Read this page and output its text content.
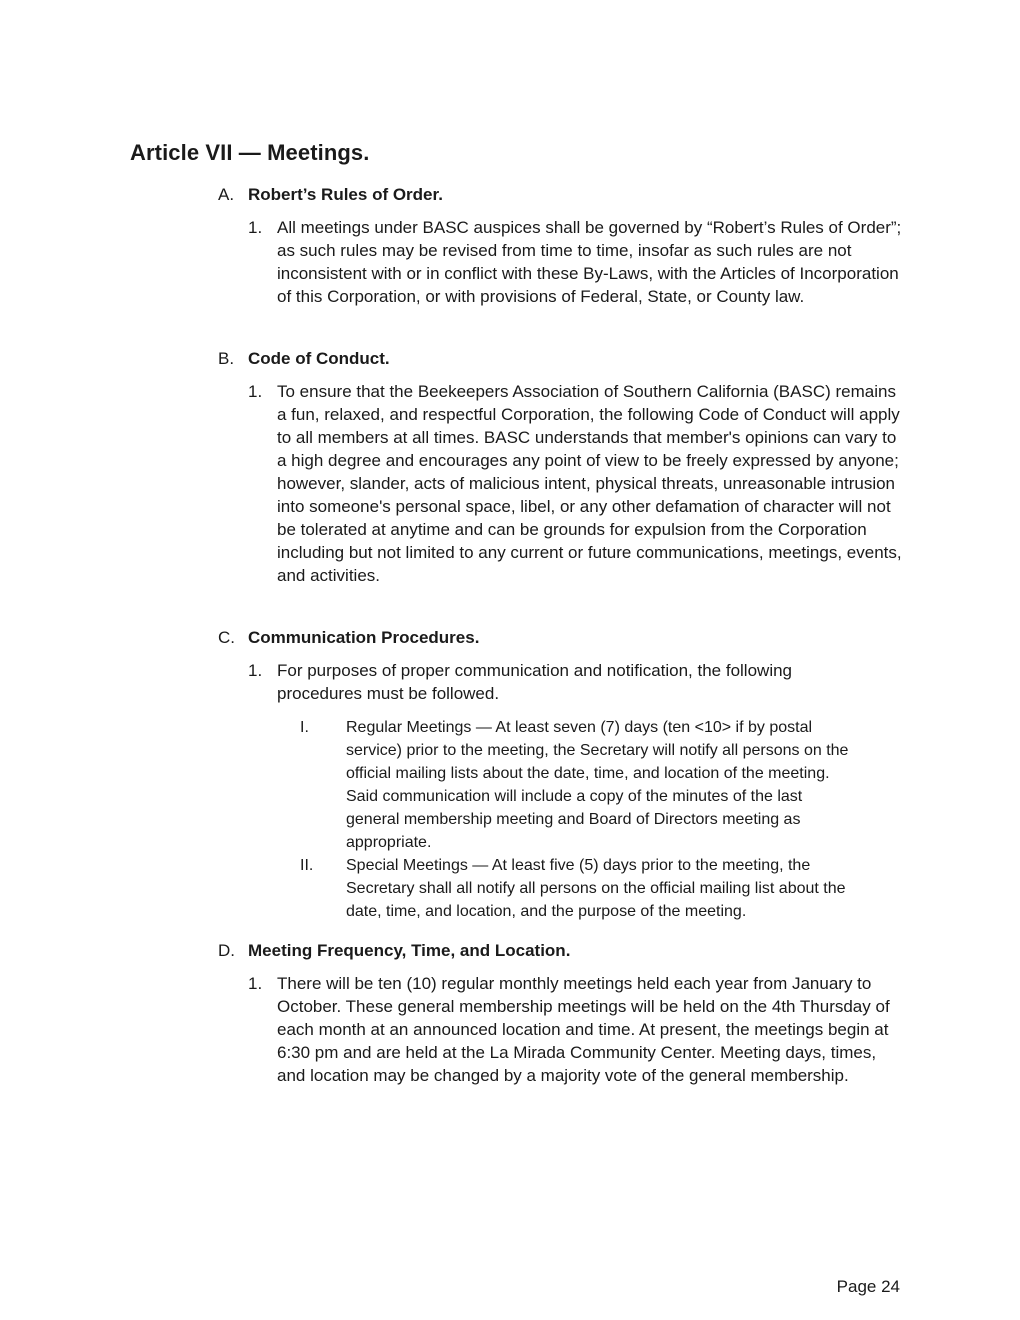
Article VII — Meetings.
A. Robert’s Rules of Order.
1. All meetings under BASC auspices shall be governed by “Robert’s Rules of Order”; as such rules may be revised from time to time, insofar as such rules are not inconsistent with or in conflict with these By-Laws, with the Articles of Incorporation of this Corporation, or with provisions of Federal, State, or County law.
B. Code of Conduct.
1. To ensure that the Beekeepers Association of Southern California (BASC) remains a fun, relaxed, and respectful Corporation, the following Code of Conduct will apply to all members at all times. BASC understands that member's opinions can vary to a high degree and encourages any point of view to be freely expressed by anyone; however, slander, acts of malicious intent, physical threats, unreasonable intrusion into someone's personal space, libel, or any other defamation of character will not be tolerated at anytime and can be grounds for expulsion from the Corporation including but not limited to any current or future communications, meetings, events, and activities.
C. Communication Procedures.
1. For purposes of proper communication and notification, the following procedures must be followed.
I. Regular Meetings — At least seven (7) days (ten <10> if by postal service) prior to the meeting, the Secretary will notify all persons on the official mailing lists about the date, time, and location of the meeting. Said communication will include a copy of the minutes of the last general membership meeting and Board of Directors meeting as appropriate.
II. Special Meetings — At least five (5) days prior to the meeting, the Secretary shall all notify all persons on the official mailing list about the date, time, and location, and the purpose of the meeting.
D. Meeting Frequency, Time, and Location.
1. There will be ten (10) regular monthly meetings held each year from January to October. These general membership meetings will be held on the 4th Thursday of each month at an announced location and time. At present, the meetings begin at 6:30 pm and are held at the La Mirada Community Center. Meeting days, times, and location may be changed by a majority vote of the general membership.
Page 24
